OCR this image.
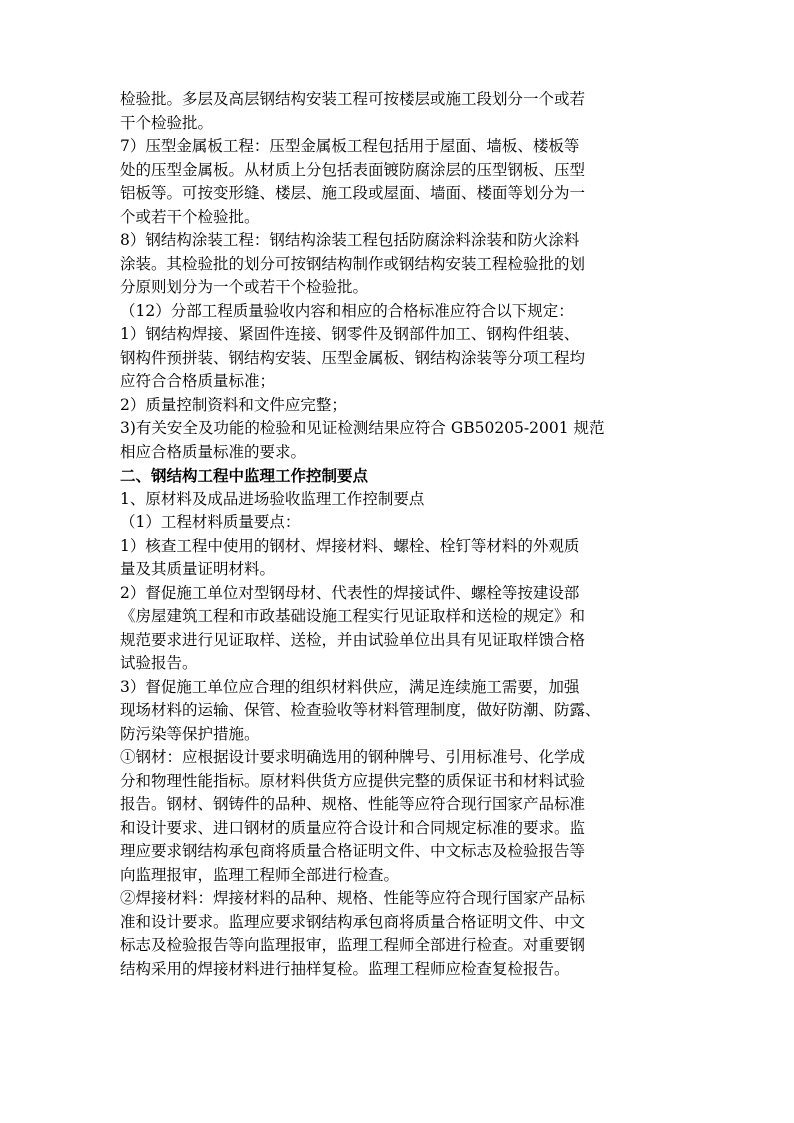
检验批。多层及高层钢结构安装工程可按楼层或施工段划分一个或若
干个检验批。
7）压型金属板工程：压型金属板工程包括用于屋面、墙板、楼板等
处的压型金属板。从材质上分包括表面镀防腐涂层的压型钢板、压型
铝板等。可按变形缝、楼层、施工段或屋面、墙面、楼面等划分为一
个或若干个检验批。
8）钢结构涂装工程：钢结构涂装工程包括防腐涂料涂装和防火涂料
涂装。其检验批的划分可按钢结构制作或钢结构安装工程检验批的划
分原则划分为一个或若干个检验批。
（12）分部工程质量验收内容和相应的合格标准应符合以下规定：
1）钢结构焊接、紧固件连接、钢零件及钢部件加工、钢构件组装、
钢构件预拼装、钢结构安装、压型金属板、钢结构涂装等分项工程均
应符合合格质量标准；
2）质量控制资料和文件应完整；
3)有关安全及功能的检验和见证检测结果应符合 GB50205-2001 规范
相应合格质量标准的要求。
二、钢结构工程中监理工作控制要点
1、原材料及成品进场验收监理工作控制要点
（1）工程材料质量要点：
1）核查工程中使用的钢材、焊接材料、螺栓、栓钉等材料的外观质
量及其质量证明材料。
2）督促施工单位对型钢母材、代表性的焊接试件、螺栓等按建设部
《房屋建筑工程和市政基础设施工程实行见证取样和送检的规定》和
规范要求进行见证取样、送检，并由试验单位出具有见证取样馈合格
试验报告。
3）督促施工单位应合理的组织材料供应，满足连续施工需要，加强
现场材料的运输、保管、检查验收等材料管理制度，做好防潮、防露、
防污染等保护措施。
①钢材：应根据设计要求明确选用的钢种牌号、引用标准号、化学成
分和物理性能指标。原材料供货方应提供完整的质保证书和材料试验
报告。钢材、钢铸件的品种、规格、性能等应符合现行国家产品标准
和设计要求、进口钢材的质量应符合设计和合同规定标准的要求。监
理应要求钢结构承包商将质量合格证明文件、中文标志及检验报告等
向监理报审，监理工程师全部进行检查。
②焊接材料：焊接材料的品种、规格、性能等应符合现行国家产品标
准和设计要求。监理应要求钢结构承包商将质量合格证明文件、中文
标志及检验报告等向监理报审，监理工程师全部进行检查。对重要钢
结构采用的焊接材料进行抽样复检。监理工程师应检查复检报告。
